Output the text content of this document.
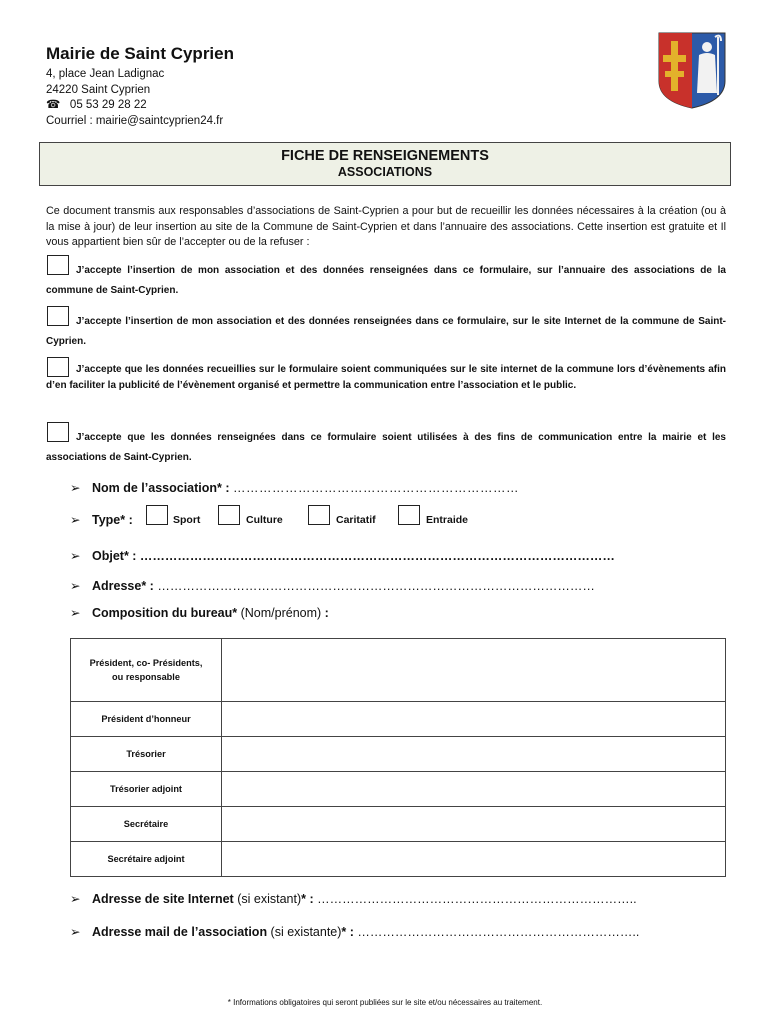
Mairie de Saint Cyprien
4, place Jean Ladignac
24220 Saint Cyprien
☎ 05 53 29 28 22
Courriel : mairie@saintcyprien24.fr
FICHE DE RENSEIGNEMENTS
ASSOCIATIONS
Ce document transmis aux responsables d’associations de Saint-Cyprien a pour but de recueillir les données nécessaires à la création (ou à la mise à jour) de leur insertion au site de la Commune de Saint-Cyprien et dans l’annuaire des associations. Cette insertion est gratuite et Il vous appartient bien sûr de l’accepter ou de la refuser :
J’accepte l’insertion de mon association et des données renseignées dans ce formulaire, sur l’annuaire des associations de la commune de Saint-Cyprien.
J’accepte l’insertion de mon association et des données renseignées dans ce formulaire, sur le site Internet de la commune de Saint-Cyprien.
J’accepte que les données recueillies sur le formulaire soient communiquées sur le site internet de la commune lors d’évènements afin d’en faciliter la publicité de l’évènement organisé et permettre la communication entre l’association et le public.
J’accepte que les données renseignées dans ce formulaire soient utilisées à des fins de communication entre la mairie et les associations de Saint-Cyprien.
➢ Nom de l’association* : …………………………………………………………
➢ Type* :	Sport	Culture	Caritatif	Entraide
➢ Objet* : ……………………………………………………………………………………………………
➢ Adresse* : ……………………………………………………………………………………………
➢ Composition du bureau* (Nom/prénom) :
Président, co- Présidents, ou responsable	

Président d’honneur	
Trésorier	
Trésorier adjoint	
Secrétaire	
Secrétaire adjoint	
➢ Adresse de site Internet (si existant)* : …………………………………………………………………..
➢ Adresse mail de l’association (si existante)* : …………………………………………………………..
* Informations obligatoires qui seront publiées sur le site et/ou nécessaires au traitement.
